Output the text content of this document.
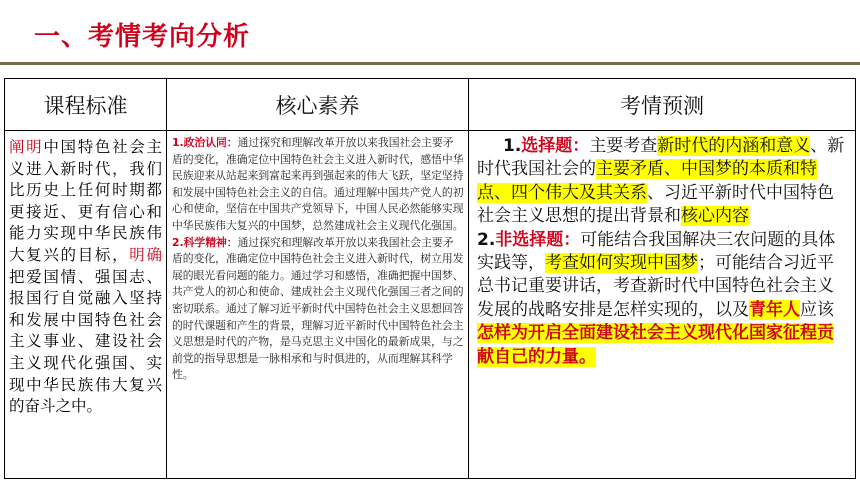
一、考情考向分析
课程标准	核心素养	考情预测
阐明中国特色社会主义进入新时代，我们比历史上任何时期都更接近、更有信心和能力实现中华民族伟大复兴的目标，明确把爱国情、强国志、报国行自觉融入坚持和发展中国特色社会主义事业、建设社会主义现代化强国、实现中华民族伟大复兴的奋斗之中。

1.政治认同：通过探究和理解改革开放以来我国社会主要矛盾的变化，准确定位中国特色社会主义进入新时代，感悟中华民族迎来从站起来到富起来再到强起来的伟大飞跃，坚定坚持和发展中国特色社会主义的自信。通过理解中国共产党人的初心和使命，坚信在中国共产党领导下，中国人民必然能够实现中华民族伟大复兴的中国梦，总然建成社会主义现代化强国。

2.科学精神：通过探究和理解改革开放以来我国社会主要矛盾的变化，准确定位中国特色社会主义进入新时代，树立用发展的眼光看问题的能力。通过学习和感悟，准确把握中国梦、共产党人的初心和使命、建成社会主义现代化强国三者之间的密切联系。通过了解习近平新时代中国特色社会主义思想回答的时代课题和产生的背景，理解习近平新时代中国特色社会主义思想是时代的产物，是马克思主义中国化的最新成果，与之前党的指导思想是一脉相承和与时俱进的，从而理解其科学性。

1.选择题：主要考查新时代的内涵和意义、新时代我国社会的主要矛盾、中国梦的本质和特点、四个伟大及其关系、习近平新时代中国特色社会主义思想的提出背景和核心内容

2.非选择题：可能结合我国解决三农问题的具体实践等，考查如何实现中国梦；可能结合习近平总书记重要讲话，考查新时代中国特色社会主义发展的战略安排是怎样实现的，以及青年人应该怎样为开启全面建设社会主义现代化国家征程贡献自己的力量。
